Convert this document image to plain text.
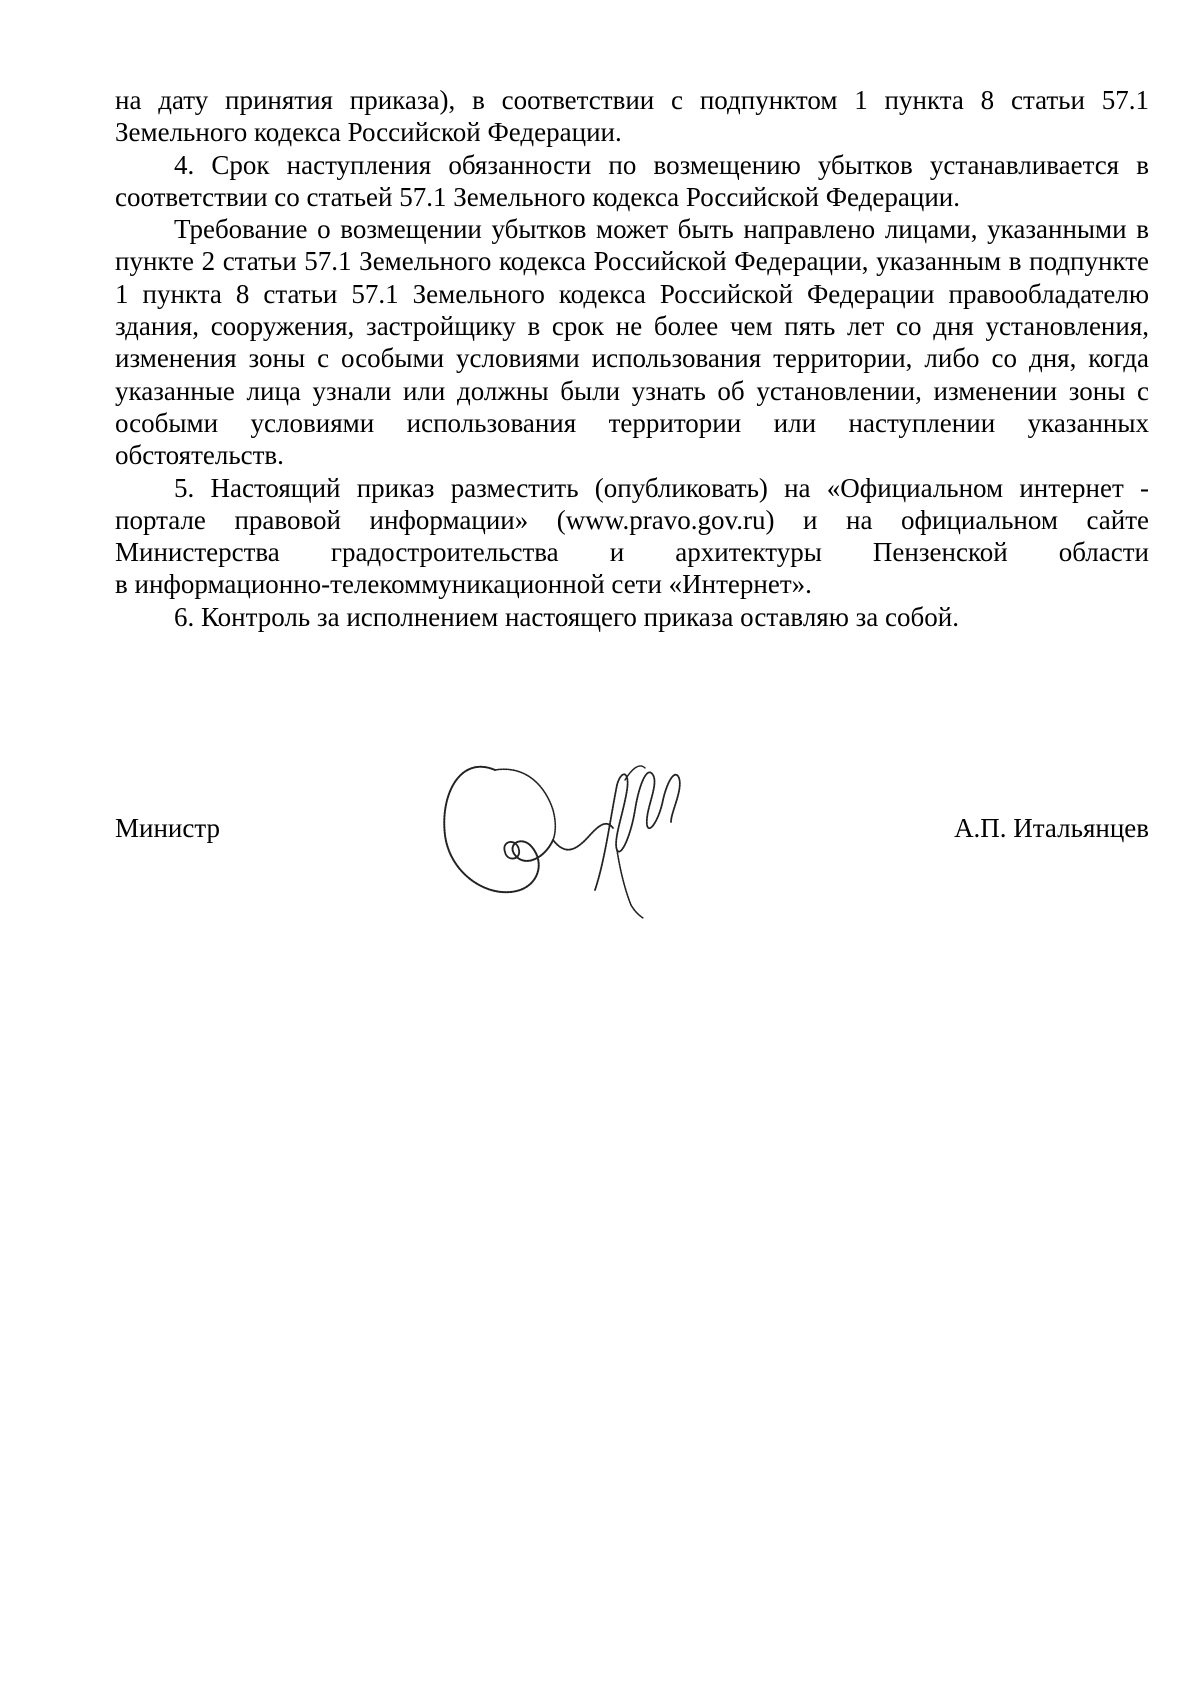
на дату принятия приказа), в соответствии с подпунктом 1 пункта 8 статьи 57.1 Земельного кодекса Российской Федерации.

4. Срок наступления обязанности по возмещению убытков устанавливается в соответствии со статьей 57.1 Земельного кодекса Российской Федерации.

Требование о возмещении убытков может быть направлено лицами, указанными в пункте 2 статьи 57.1 Земельного кодекса Российской Федерации, указанным в подпункте 1 пункта 8 статьи 57.1 Земельного кодекса Российской Федерации правообладателю здания, сооружения, застройщику в срок не более чем пять лет со дня установления, изменения зоны с особыми условиями использования территории, либо со дня, когда указанные лица узнали или должны были узнать об установлении, изменении зоны с особыми условиями использования территории или наступлении указанных обстоятельств.

5. Настоящий приказ разместить (опубликовать) на «Официальном интернет - портале правовой информации» (www.pravo.gov.ru) и на официальном сайте Министерства градостроительства и архитектуры Пензенской области

в информационно-телекоммуникационной сети «Интернет».

6. Контроль за исполнением настоящего приказа оставляю за собой.

Министр	А.П. Итальянцев
